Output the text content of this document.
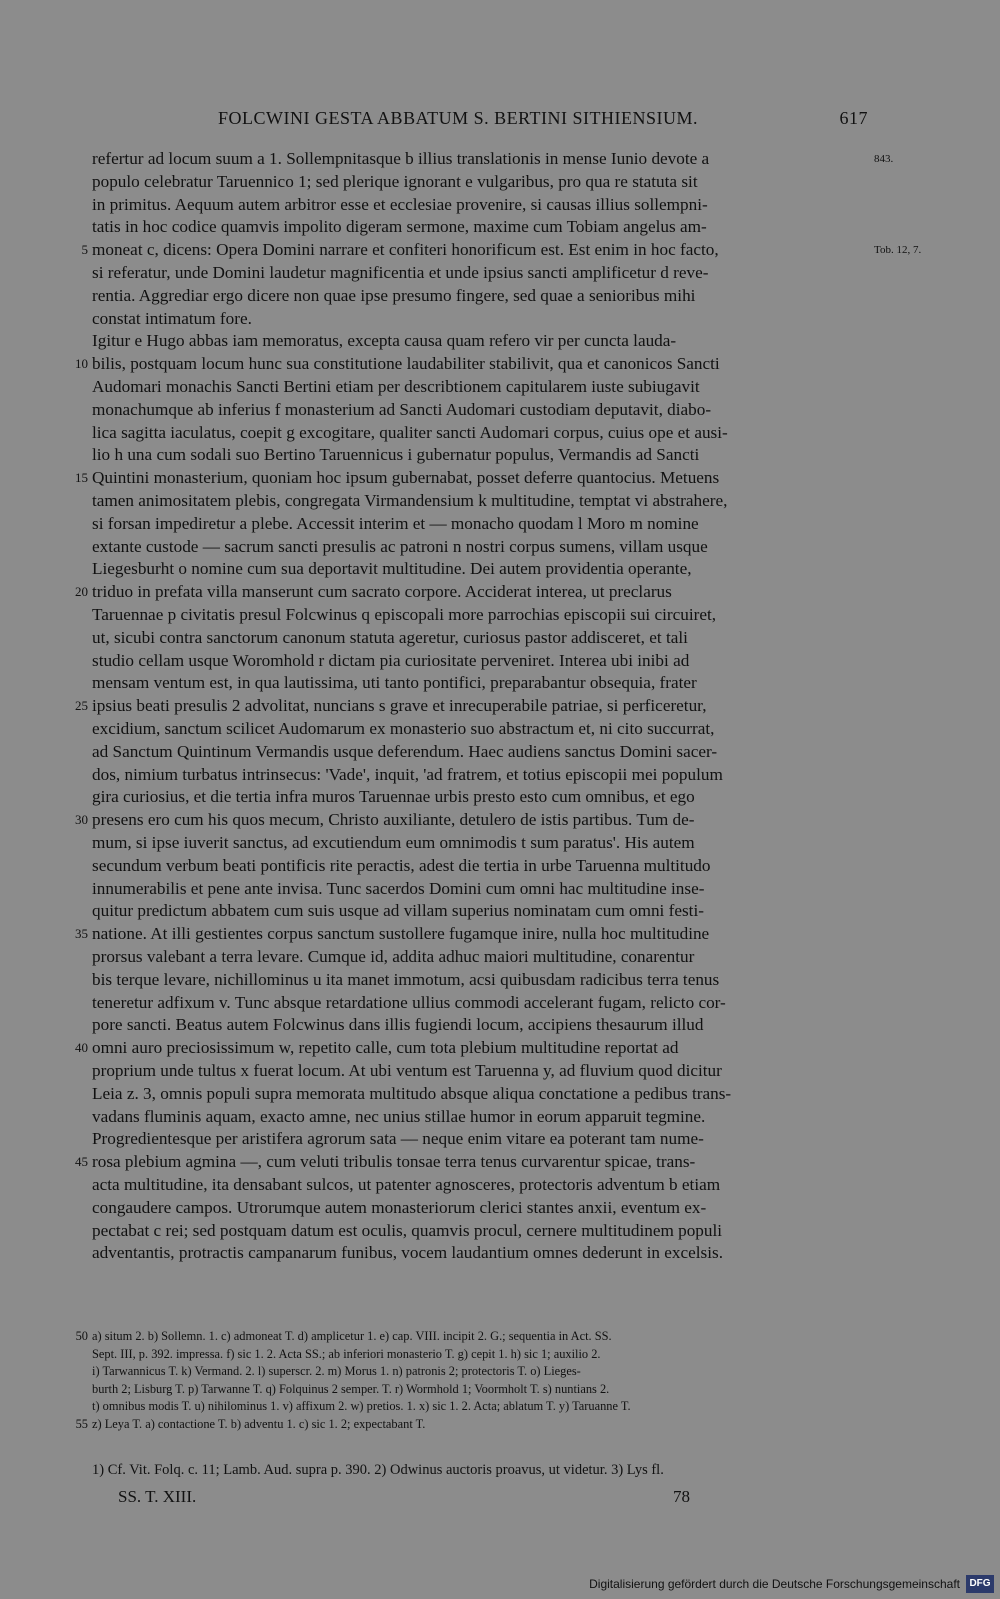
FOLCWINI GESTA ABBATUM S. BERTINI SITHIENSIUM.	617
refertur ad locum suum a 1. Sollempnitasque b illius translationis in mense Iunio devote a	843.
populo celebratur Taruennico 1; sed plerique ignorant e vulgaribus, pro qua re statuta sit
in primitus. Aequum autem arbitror esse et ecclesiae provenire, si causas illius sollempni-
tatis in hoc codice quamvis impolito digeram sermone, maxime cum Tobiam angelus am-
moneat c, dicens: Opera Domini narrare et confiteri honorificum est. Est enim in hoc facto,
5	Tob. 12, 7.
si referatur, unde Domini laudetur magnificentia et unde ipsius sancti amplificetur d reve-
rentia. Aggrediar ergo dicere non quae ipse presumo fingere, sed quae a senioribus mihi
constat intimatum fore.
Igitur e Hugo abbas iam memoratus, excepta causa quam refero vir per cuncta lauda-
bilis, postquam locum hunc sua constitutione laudabiliter stabilivit, qua et canonicos Sancti
10
Audomari monachis Sancti Bertini etiam per describtionem capitularem iuste subiugavit
monachumque ab inferius f monasterium ad Sancti Audomari custodiam deputavit, diabo-
lica sagitta iaculatus, coepit g excogitare, qualiter sancti Audomari corpus, cuius ope et ausi-
lio h una cum sodali suo Bertino Taruennicus i gubernatur populus, Vermandis ad Sancti
Quintini monasterium, quoniam hoc ipsum gubernabat, posset deferre quantocius. Metuens
15
tamen animositatem plebis, congregata Virmandensium k multitudine, temptat vi abstrahere,
si forsan impediretur a plebe. Accessit interim et — monacho quodam l Moro m nomine
extante custode — sacrum sancti presulis ac patroni n nostri corpus sumens, villam usque
Liegesburht o nomine cum sua deportavit multitudine. Dei autem providentia operante,
triduo in prefata villa manserunt cum sacrato corpore. Acciderat interea, ut preclarus
20
Taruennae p civitatis presul Folcwinus q episcopali more parrochias episcopii sui circuiret,
ut, sicubi contra sanctorum canonum statuta ageretur, curiosus pastor addisceret, et tali
studio cellam usque Woromhold r dictam pia curiositate perveniret. Interea ubi inibi ad
mensam ventum est, in qua lautissima, uti tanto pontifici, preparabantur obsequia, frater
ipsius beati presulis 2 advolitat, nuncians s grave et inrecuperabile patriae, si perficeretur,
25
excidium, sanctum scilicet Audomarum ex monasterio suo abstractum et, ni cito succurrat,
ad Sanctum Quintinum Vermandis usque deferendum. Haec audiens sanctus Domini sacer-
dos, nimium turbatus intrinsecus: 'Vade', inquit, 'ad fratrem, et totius episcopii mei populum
gira curiosius, et die tertia infra muros Taruennae urbis presto esto cum omnibus, et ego
presens ero cum his quos mecum, Christo auxiliante, detulero de istis partibus. Tum de-
30
mum, si ipse iuverit sanctus, ad excutiendum eum omnimodis t sum paratus'. His autem
secundum verbum beati pontificis rite peractis, adest die tertia in urbe Taruenna multitudo
innumerabilis et pene ante invisa. Tunc sacerdos Domini cum omni hac multitudine inse-
quitur predictum abbatem cum suis usque ad villam superius nominatam cum omni festi-
natione. At illi gestientes corpus sanctum sustollere fugamque inire, nulla hoc multitudine
35
prorsus valebant a terra levare. Cumque id, addita adhuc maiori multitudine, conarentur
bis terque levare, nichillominus u ita manet immotum, acsi quibusdam radicibus terra tenus
teneretur adfixum v. Tunc absque retardatione ullius commodi accelerant fugam, relicto cor-
pore sancti. Beatus autem Folcwinus dans illis fugiendi locum, accipiens thesaurum illud
omni auro preciosissimum w, repetito calle, cum tota plebium multitudine reportat ad
40
proprium unde tultus x fuerat locum. At ubi ventum est Taruenna y, ad fluvium quod dicitur
Leia z. 3, omnis populi supra memorata multitudo absque aliqua conctatione a pedibus trans-
vadans fluminis aquam, exacto amne, nec unius stillae humor in eorum apparuit tegmine.
Progredientesque per aristifera agrorum sata — neque enim vitare ea poterant tam nume-
rosa plebium agmina —, cum veluti tribulis tonsae terra tenus curvarentur spicae, trans-
45
acta multitudine, ita densabant sulcos, ut patenter agnosceres, protectoris adventum b etiam
congaudere campos. Utrorumque autem monasteriorum clerici stantes anxii, eventum ex-
pectabat c rei; sed postquam datum est oculis, quamvis procul, cernere multitudinem populi
adventantis, protractis campanarum funibus, vocem laudantium omnes dederunt in excelsis.
a) situm 2. b) Sollemn. 1. c) admoneat T. d) amplicetur 1. e) cap. VIII. incipit 2. G.; sequentia in Act. SS.
50
Sept. III, p. 392. impressa. f) sic 1. 2. Acta SS.; ab inferiori monasterio T. g) cepit 1. h) sic 1; auxilio 2.
i) Tarwannicus T. k) Vermand. 2. l) superscr. 2. m) Morus 1. n) patronis 2; protectoris T. o) Lieges-
burth 2; Lisburg T. p) Tarwanne T. q) Folquinus 2 semper. T. r) Wormhold 1; Voormholt T. s) nuntians 2.
t) omnibus modis T. u) nihilominus 1. v) affixum 2. w) pretios. 1. x) sic 1. 2. Acta; ablatum T. y) Taruanne T.
z) Leya T. a) contactione T. b) adventu 1. c) sic 1. 2; expectabant T.
55
1) Cf. Vit. Folq. c. 11; Lamb. Aud. supra p. 390. 2) Odwinus auctoris proavus, ut videtur. 3) Lys fl.
SS. T. XIII.	78
Digitalisierung gefördert durch die Deutsche Forschungsgemeinschaft DFG
